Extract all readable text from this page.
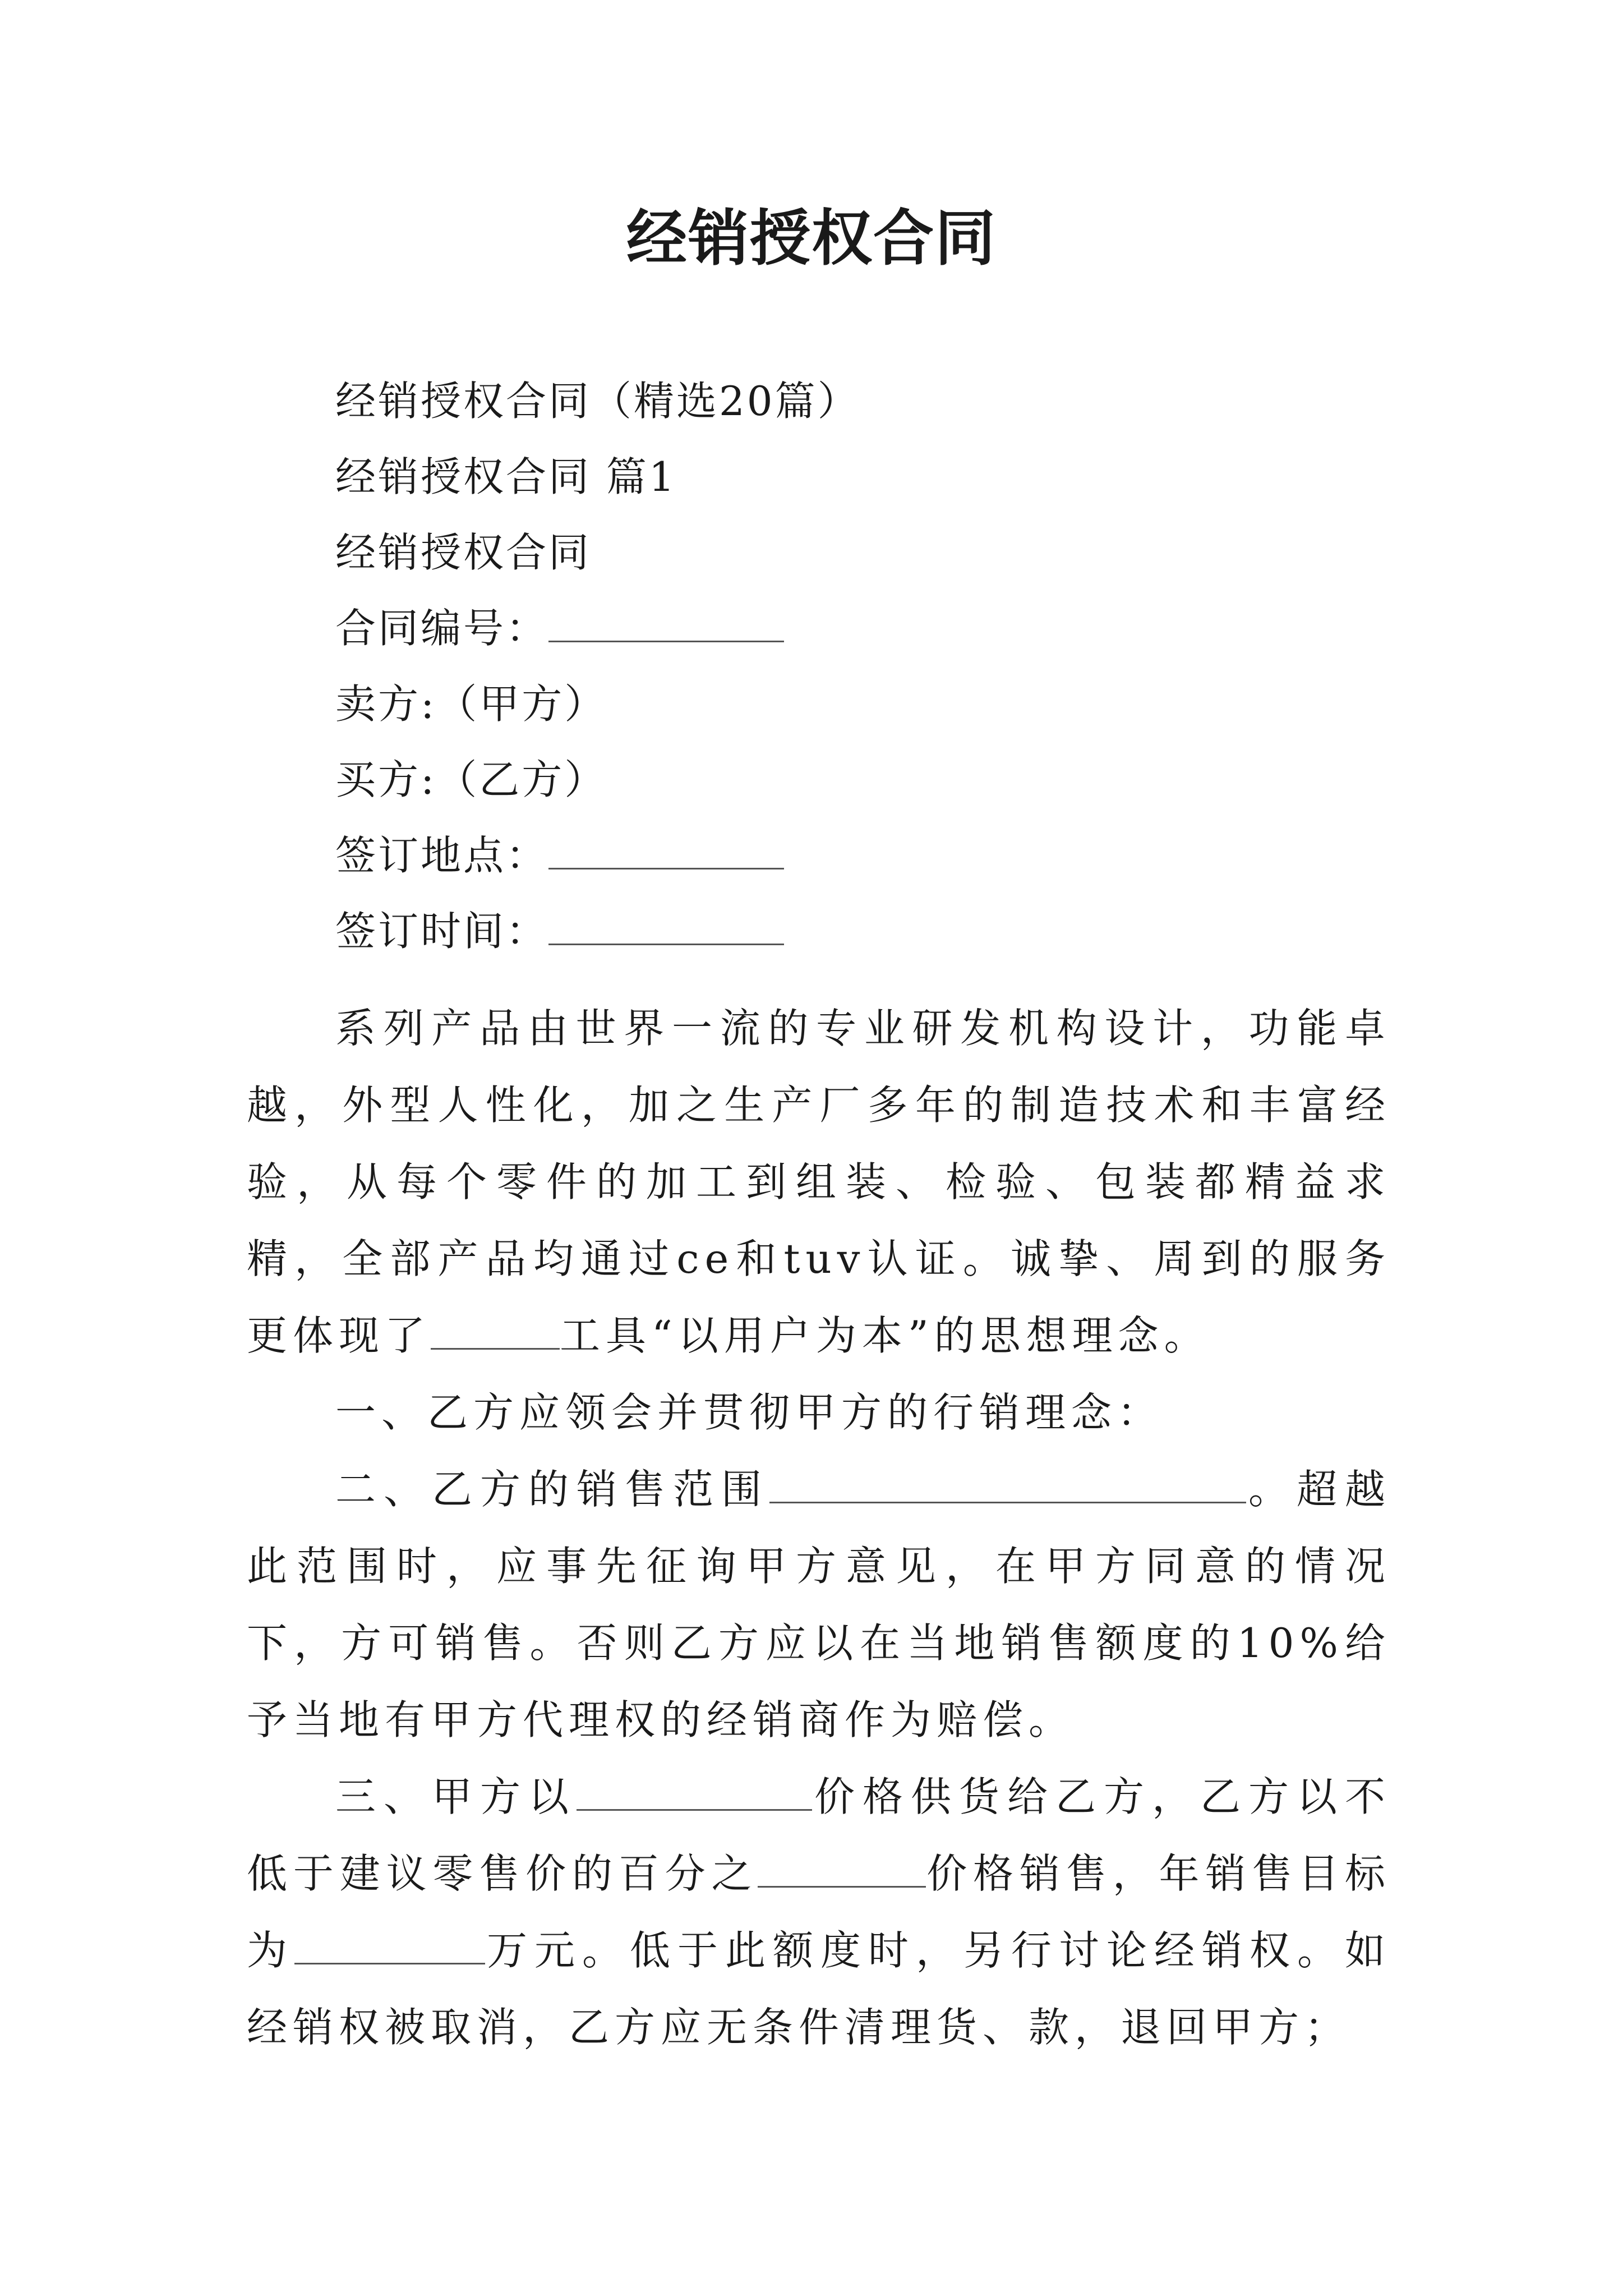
经销授权合同
经销授权合同（精选20篇）
经销授权合同 篇1
经销授权合同
合同编号：
卖方:（甲方）
买方:（乙方）
签订地点：
签订时间：
系列产品由世界一流的专业研发机构设计，功能卓越，外型人性化，加之生产厂多年的制造技术和丰富经验，从每个零件的加工到组装、检验、包装都精益求精，全部产品均通过ce和tuv认证。诚挚、周到的服务更体现了	工具“以用户为本”的思想理念。
一、乙方应领会并贯彻甲方的行销理念：
二、乙方的销售范围	。超越此范围时，应事先征询甲方意见，在甲方同意的情况下，方可销售。否则乙方应以在当地销售额度的10%给予当地有甲方代理权的经销商作为赔偿。
三、甲方以	价格供货给乙方，乙方以不低于建议零售价的百分之	价格销售，年销售目标为	万元。低于此额度时，另行讨论经销权。如经销权被取消，乙方应无条件清理货、款，退回甲方；
